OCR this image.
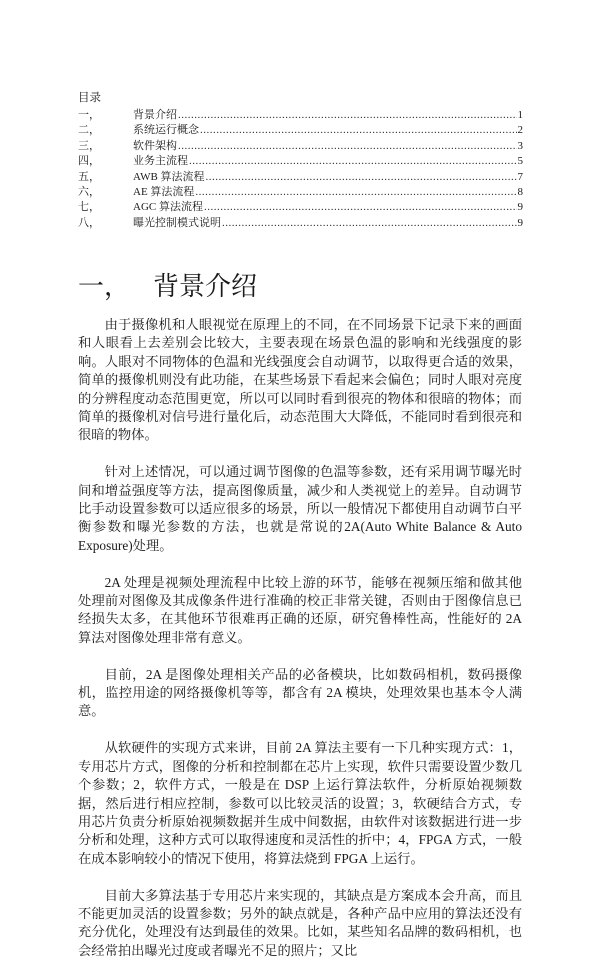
目录
一，	背景介绍 .....	1
二，	系统运行概念 .....	2
三，	软件架构 .....	3
四，	业务主流程 .....	5
五，	AWB 算法流程 .....	7
六，	AE 算法流程 .....	8
七，	AGC 算法流程 .....	9
八，	曝光控制模式说明 .....	9
一， 背景介绍

由于摄像机和人眼视觉在原理上的不同，在不同场景下记录下来的画面和人眼看上去差别会比较大，主要表现在场景色温的影响和光线强度的影响。人眼对不同物体的色温和光线强度会自动调节，以取得更合适的效果，简单的摄像机则没有此功能，在某些场景下看起来会偏色；同时人眼对亮度的分辨程度动态范围更宽，所以可以同时看到很亮的物体和很暗的物体；而简单的摄像机对信号进行量化后，动态范围大大降低，不能同时看到很亮和很暗的物体。

针对上述情况，可以通过调节图像的色温等参数，还有采用调节曝光时间和增益强度等方法，提高图像质量，减少和人类视觉上的差异。自动调节比手动设置参数可以适应很多的场景，所以一般情况下都使用自动调节白平衡参数和曝光参数的方法，也就是常说的2A(Auto White Balance & Auto Exposure)处理。

2A 处理是视频处理流程中比较上游的环节，能够在视频压缩和做其他处理前对图像及其成像条件进行准确的校正非常关键，否则由于图像信息已经损失太多，在其他环节很难再正确的还原，研究鲁棒性高，性能好的 2A 算法对图像处理非常有意义。

目前，2A 是图像处理相关产品的必备模块，比如数码相机，数码摄像机，监控用途的网络摄像机等等，都含有 2A 模块，处理效果也基本令人满意。

从软硬件的实现方式来讲，目前 2A 算法主要有一下几种实现方式：1，专用芯片方式，图像的分析和控制都在芯片上实现，软件只需要设置少数几个参数；2，软件方式，一般是在 DSP 上运行算法软件，分析原始视频数据，然后进行相应控制，参数可以比较灵活的设置；3，软硬结合方式，专用芯片负责分析原始视频数据并生成中间数据，由软件对该数据进行进一步分析和处理，这种方式可以取得速度和灵活性的折中；4，FPGA 方式，一般在成本影响较小的情况下使用，将算法烧到 FPGA 上运行。

目前大多算法基于专用芯片来实现的，其缺点是方案成本会升高，而且不能更加灵活的设置参数；另外的缺点就是，各种产品中应用的算法还没有充分优化，处理没有达到最佳的效果。比如，某些知名品牌的数码相机，也会经常拍出曝光过度或者曝光不足的照片；又比
